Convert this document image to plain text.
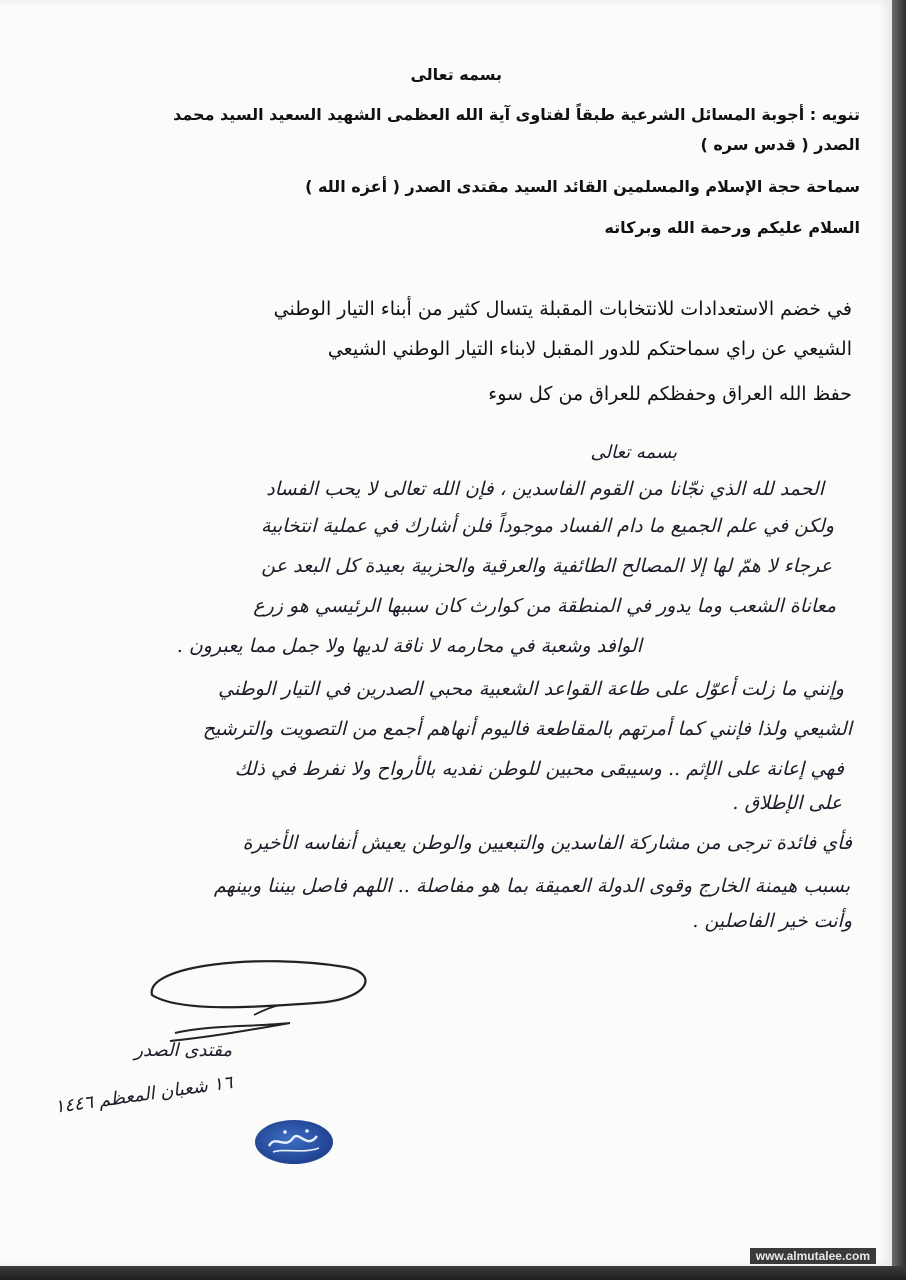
بسمه تعالى
تنويه : أجوبة المسائل الشرعية طبقاً لفتاوى آية الله العظمى الشهيد السعيد السيد محمد
الصدر ( قدس سره )
سماحة حجة الإسلام والمسلمين القائد السيد مقتدى الصدر ( أعزه الله )
السلام عليكم ورحمة الله وبركاته
في خضم الاستعدادات للانتخابات المقبلة يتسال كثير من أبناء التيار الوطني
الشيعي عن راي سماحتكم للدور المقبل لابناء التيار الوطني الشيعي
حفظ الله العراق وحفظكم للعراق من كل سوء
بسمه تعالى
الحمد لله الذي نجّانا من القوم الفاسدين ، فإن الله تعالى لا يحب الفساد
ولكن في علم الجميع ما دام الفساد موجوداً فلن أشارك في عملية انتخابية
عرجاء لا همّ لها إلا المصالح الطائفية والعرقية والحزبية بعيدة كل البعد عن
معاناة الشعب وما يدور في المنطقة من كوارث كان سببها الرئيسي هو زرع
الوافد وشعبة في محارمه لا ناقة لديها ولا جمل مما يعبرون .
وإنني ما زلت أعوّل على طاعة القواعد الشعبية محبي الصدرين في التيار الوطني
الشيعي ولذا فإنني كما أمرتهم بالمقاطعة فاليوم أنهاهم أجمع من التصويت والترشيح
فهي إعانة على الإثم .. وسيبقى محبين للوطن نفديه بالأرواح ولا نفرط في ذلك
على الإطلاق .
فأي فائدة ترجى من مشاركة الفاسدين والتبعيين والوطن يعيش أنفاسه الأخيرة
بسبب هيمنة الخارج وقوى الدولة العميقة بما هو مفاصلة .. اللهم فاصل بيننا وبينهم
وأنت خير الفاصلين .
مقتدى الصدر
١٦ شعبان المعظم ١٤٤٦
www.almutalee.com
